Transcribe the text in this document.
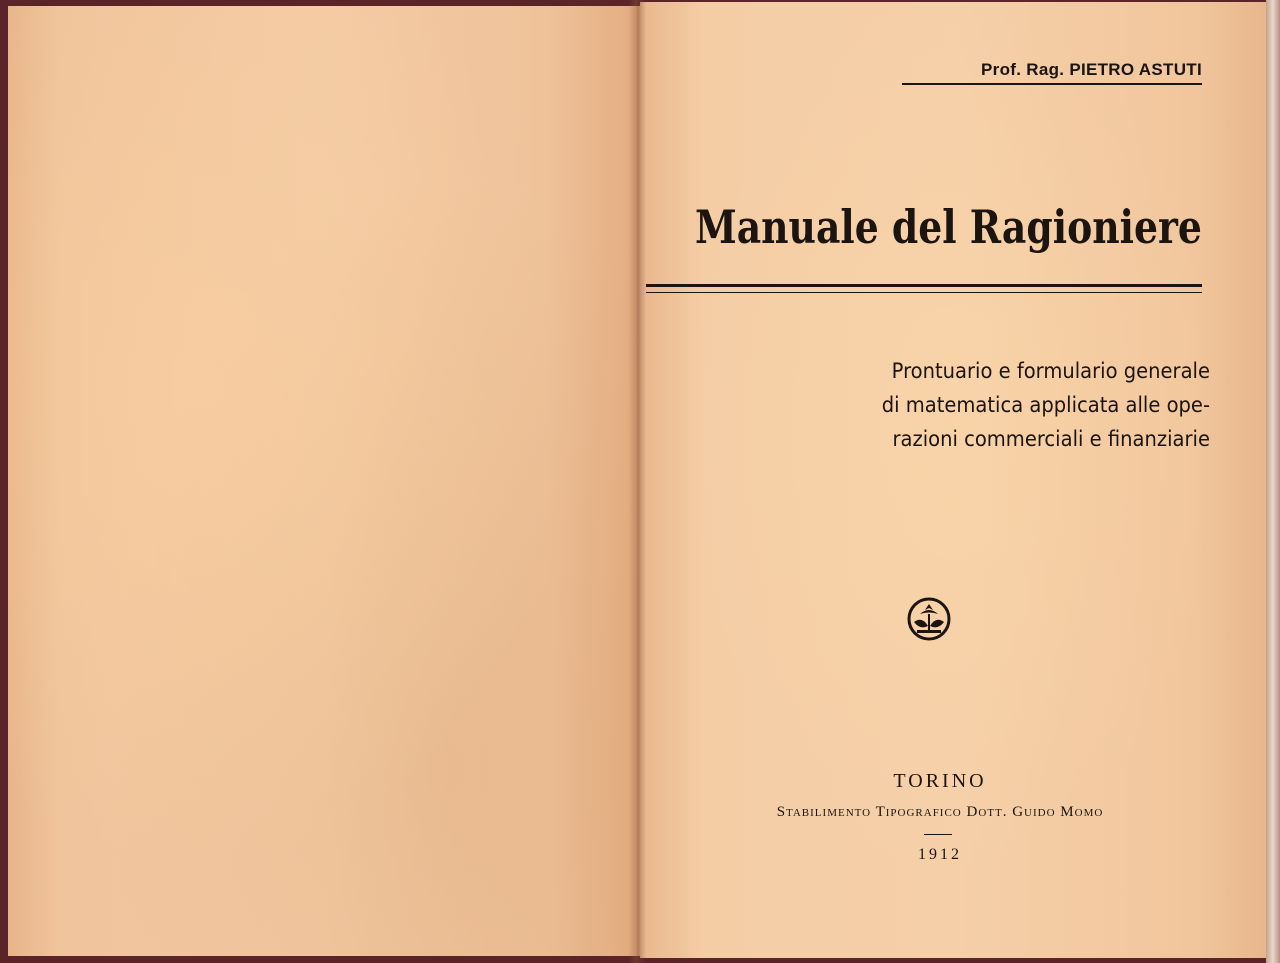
Prof. Rag. PIETRO ASTUTI
Manuale del Ragioniere
Prontuario e formulario generale
di matematica applicata alle ope-
razioni commerciali e finanziarie
TORINO
Stabilimento Tipografico Dott. Guido Momo
1912
